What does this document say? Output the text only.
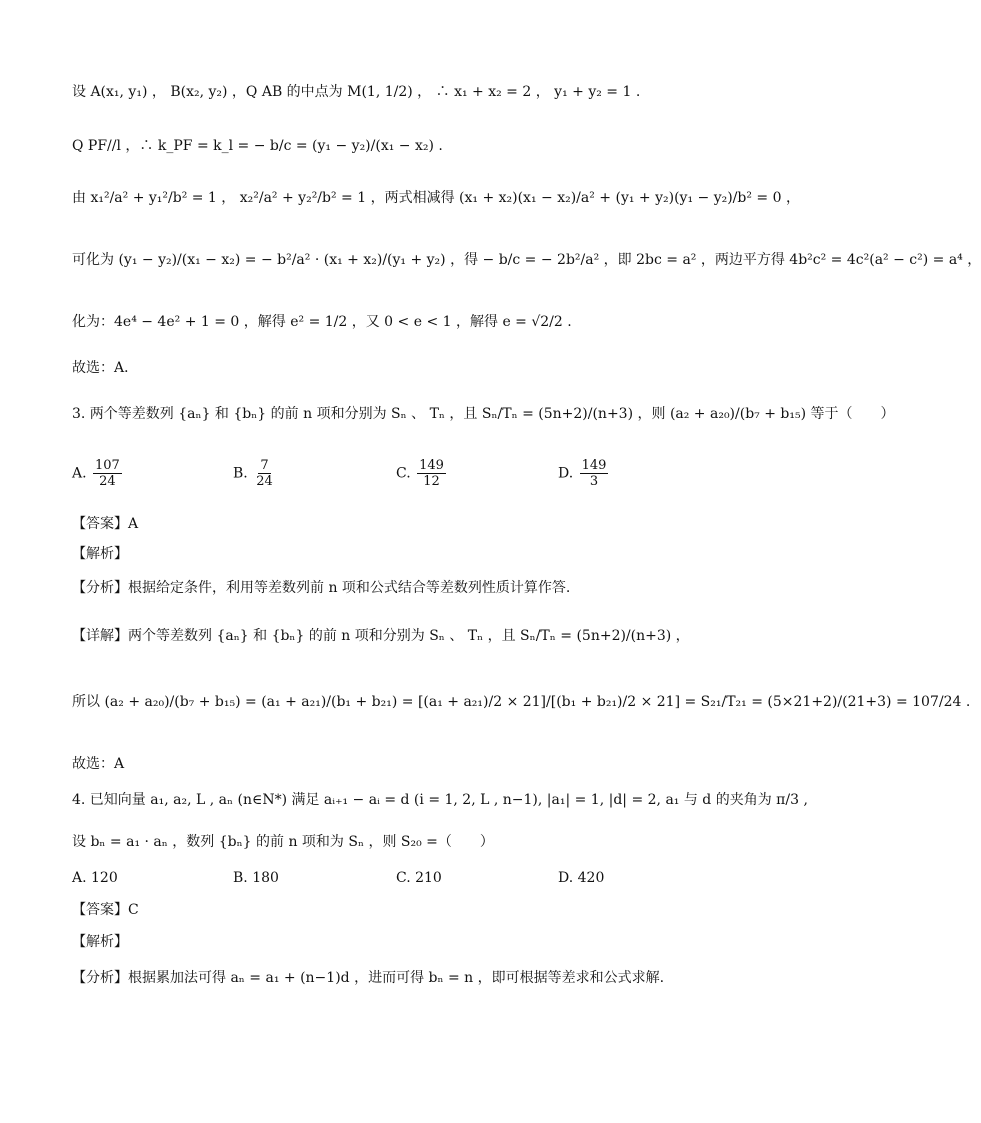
设 A(x₁, y₁) ， B(x₂, y₂) ，Q AB 的中点为 M(1, 1/2) ， ∴ x₁ + x₂ = 2 ， y₁ + y₂ = 1 .
Q PF//l ，∴ k_PF = k_l = − b/c = (y₁ − y₂)/(x₁ − x₂) .
由 x₁²/a² + y₁²/b² = 1 ， x₂²/a² + y₂²/b² = 1 ，两式相减得 (x₁ + x₂)(x₁ − x₂)/a² + (y₁ + y₂)(y₁ − y₂)/b² = 0 ，
可化为 (y₁ − y₂)/(x₁ − x₂) = − b²/a² · (x₁ + x₂)/(y₁ + y₂) ，得 − b/c = − 2b²/a² ，即 2bc = a² ，两边平方得 4b²c² = 4c²(a² − c²) = a⁴ ，
化为：4e⁴ − 4e² + 1 = 0 ，解得 e² = 1/2 ，又 0 < e < 1 ，解得 e = √2/2 .
故选：A．
3. 两个等差数列 {aₙ} 和 {bₙ} 的前 n 项和分别为 Sₙ 、 Tₙ ，且 Sₙ/Tₙ = (5n+2)/(n+3) ，则 (a₂ + a₂₀)/(b₇ + b₁₅) 等于（　　）
A. $\frac{107}{24}$	B. $\frac{7}{24}$	C. $\frac{149}{12}$	D. $\frac{149}{3}$
【答案】A
【解析】
【分析】根据给定条件，利用等差数列前 n 项和公式结合等差数列性质计算作答.
【详解】两个等差数列 {aₙ} 和 {bₙ} 的前 n 项和分别为 Sₙ 、 Tₙ ，且 Sₙ/Tₙ = (5n+2)/(n+3) ，
所以 (a₂ + a₂₀)/(b₇ + b₁₅) = (a₁ + a₂₁)/(b₁ + b₂₁) = [(a₁ + a₂₁)/2 × 21]/[(b₁ + b₂₁)/2 × 21] = S₂₁/T₂₁ = (5×21+2)/(21+3) = 107/24 .
故选：A
4. 已知向量 a₁, a₂, L , aₙ (n∈N*) 满足 aᵢ₊₁ − aᵢ = d (i = 1, 2, L , n−1), |a₁| = 1, |d| = 2, a₁ 与 d 的夹角为 π/3 ,
设 bₙ = a₁ · aₙ ，数列 {bₙ} 的前 n 项和为 Sₙ ，则 S₂₀ =（　　）
A. 120	B. 180	C. 210	D. 420
【答案】C
【解析】
【分析】根据累加法可得 aₙ = a₁ + (n−1)d ，进而可得 bₙ = n ，即可根据等差求和公式求解.
